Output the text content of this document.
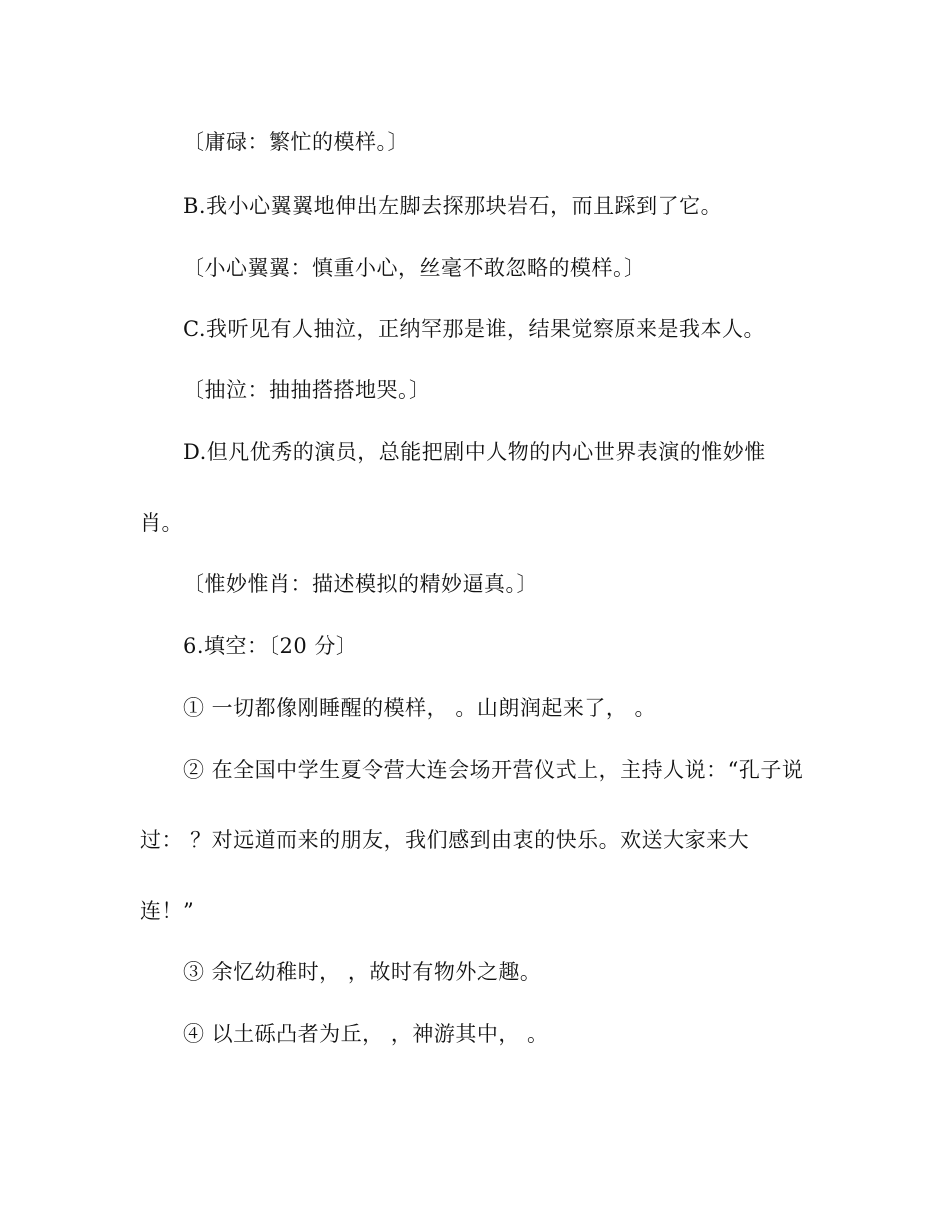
〔庸碌：繁忙的模样。〕
B.我小心翼翼地伸出左脚去探那块岩石，而且踩到了它。
〔小心翼翼：慎重小心，丝毫不敢忽略的模样。〕
C.我听见有人抽泣，正纳罕那是谁，结果觉察原来是我本人。
〔抽泣：抽抽搭搭地哭。〕
D.但凡优秀的演员，总能把剧中人物的内心世界表演的惟妙惟
肖。
〔惟妙惟肖：描述模拟的精妙逼真。〕
6.填空：〔20 分〕
① 一切都像刚睡醒的模样， 。山朗润起来了， 。
② 在全国中学生夏令营大连会场开营仪式上，主持人说：“孔子说
过： ？对远道而来的朋友，我们感到由衷的快乐。欢送大家来大
连！”
③ 余忆幼稚时， ，故时有物外之趣。
④ 以土砾凸者为丘， ，神游其中， 。
